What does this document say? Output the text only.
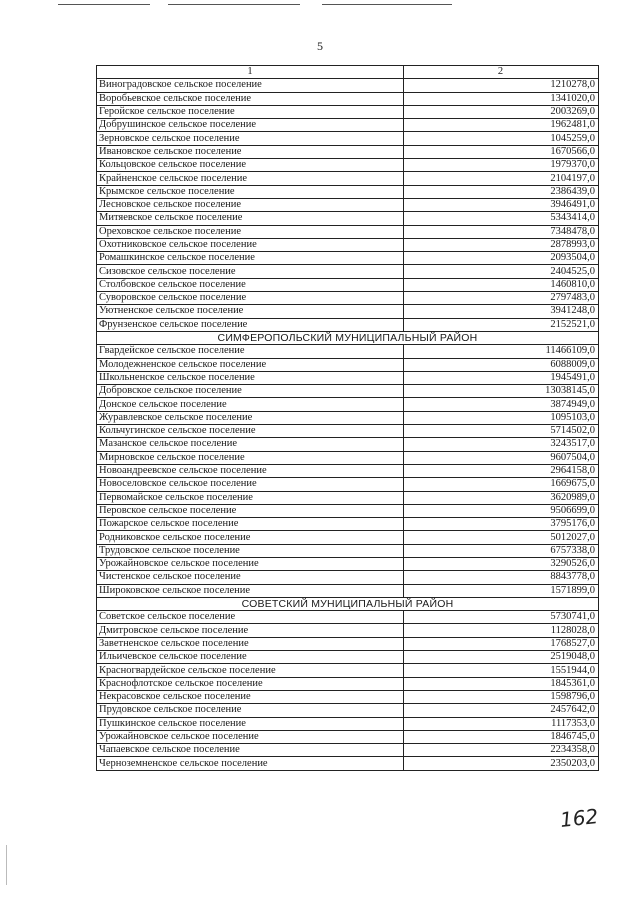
5
1	2
Виноградовское сельское поселение	1210278,0
Воробьевское сельское поселение	1341020,0
Геройское сельское поселение	2003269,0
Добрушинское сельское поселение	1962481,0
Зерновское сельское поселение	1045259,0
Ивановское сельское поселение	1670566,0
Кольцовское сельское поселение	1979370,0
Крайненское сельское поселение	2104197,0
Крымское сельское поселение	2386439,0
Лесновское сельское поселение	3946491,0
Митяевское сельское поселение	5343414,0
Ореховское сельское поселение	7348478,0
Охотниковское сельское поселение	2878993,0
Ромашкинское сельское поселение	2093504,0
Сизовское сельское поселение	2404525,0
Столбовское сельское поселение	1460810,0
Суворовское сельское поселение	2797483,0
Уютненское сельское поселение	3941248,0
Фрунзенское сельское поселение	2152521,0
СИМФЕРОПОЛЬСКИЙ МУНИЦИПАЛЬНЫЙ РАЙОН	
Гвардейское сельское поселение	11466109,0
Молодежненское сельское поселение	6088009,0
Школьненское сельское поселение	1945491,0
Добровское сельское поселение	13038145,0
Донское сельское поселение	3874949,0
Журавлевское сельское поселение	1095103,0
Кольчугинское сельское поселение	5714502,0
Мазанское сельское поселение	3243517,0
Мирновское сельское поселение	9607504,0
Новоандреевское сельское поселение	2964158,0
Новоселовское сельское поселение	1669675,0
Первомайское сельское поселение	3620989,0
Перовское сельское поселение	9506699,0
Пожарское сельское поселение	3795176,0
Родниковское сельское поселение	5012027,0
Трудовское сельское поселение	6757338,0
Урожайновское сельское поселение	3290526,0
Чистенское сельское поселение	8843778,0
Широковское сельское поселение	1571899,0
СОВЕТСКИЙ МУНИЦИПАЛЬНЫЙ РАЙОН	
Советское сельское поселение	5730741,0
Дмитровское сельское поселение	1128028,0
Заветненское сельское поселение	1768527,0
Ильичевское сельское поселение	2519048,0
Красногвардейское сельское поселение	1551944,0
Краснофлотское сельское поселение	1845361,0
Некрасовское сельское поселение	1598796,0
Прудовское сельское поселение	2457642,0
Пушкинское сельское поселение	1117353,0
Урожайновское сельское поселение	1846745,0
Чапаевское сельское поселение	2234358,0
Черноземненское сельское поселение	2350203,0
162
